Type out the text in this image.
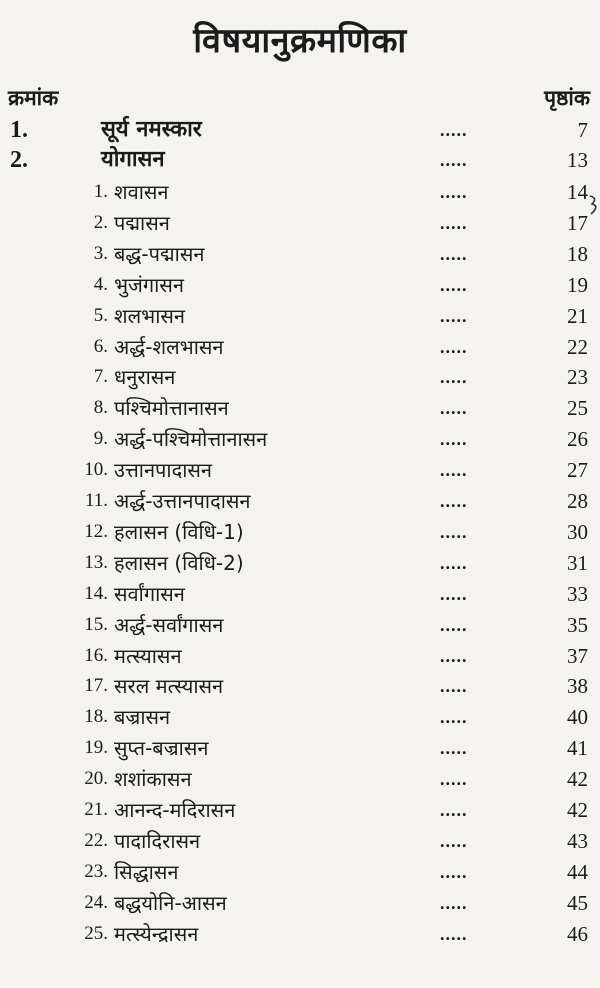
विषयानुक्रमणिका
क्रमांक	पृष्ठांक
1.	सूर्य नमस्कार	.....	7
2.	योगासन	.....	13
1. शवासन	.....	14
2. पद्मासन	.....	17
3. बद्ध-पद्मासन	.....	18
4. भुजंगासन	.....	19
5. शलभासन	.....	21
6. अर्द्ध-शलभासन	.....	22
7. धनुरासन	.....	23
8. पश्चिमोत्तानासन	.....	25
9. अर्द्ध-पश्चिमोत्तानासन	.....	26
10. उत्तानपादासन	.....	27
11. अर्द्ध-उत्तानपादासन	.....	28
12. हलासन (विधि-1)	.....	30
13. हलासन (विधि-2)	.....	31
14. सर्वांगासन	.....	33
15. अर्द्ध-सर्वांगासन	.....	35
16. मत्स्यासन	.....	37
17. सरल मत्स्यासन	.....	38
18. बज्रासन	.....	40
19. सुप्त-बज्रासन	.....	41
20. शशांकासन	.....	42
21. आनन्द-मदिरासन	.....	42
22. पादादिरासन	.....	43
23. सिद्धासन	.....	44
24. बद्धयोनि-आसन	.....	45
25. मत्स्येन्द्रासन	.....	46
